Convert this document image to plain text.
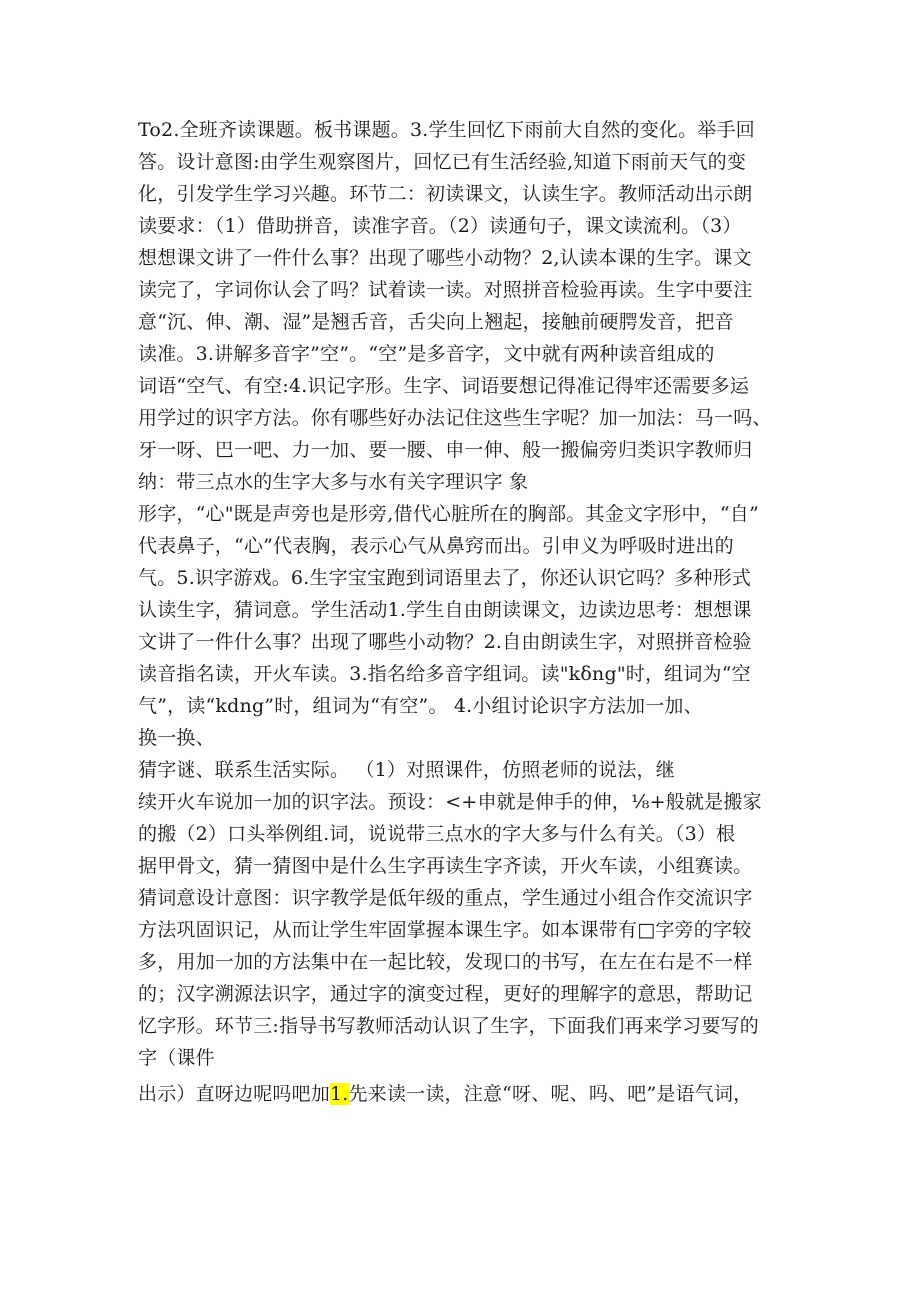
To2.全班齐读课题。板书课题。3.学生回忆下雨前大自然的变化。举手回
答。设计意图:由学生观察图片，回忆已有生活经验,知道下雨前天气的变
化，引发学生学习兴趣。环节二：初读课文，认读生字。教师活动出示朗
读要求：（1）借助拼音，读准字音。（2）读通句子，课文读流利。（3）
想想课文讲了一件什么事？出现了哪些小动物？2,认读本课的生字。课文
读完了，字词你认会了吗？试着读一读。对照拼音检验再读。生字中要注
意“沉、伸、潮、湿”是翘舌音，舌尖向上翘起，接触前硬腭发音，把音
读准。3.讲解多音字”空”。“空”是多音字，文中就有两种读音组成的
词语“空气、有空:4.识记字形。生字、词语要想记得准记得牢还需要多运
用学过的识字方法。你有哪些好办法记住这些生字呢？加一加法：马一吗、
牙一呀、巴一吧、力一加、要一腰、申一伸、般一搬偏旁归类识字教师归
纳：带三点水的生字大多与水有关字理识字 象
形字，“心"既是声旁也是形旁,借代心脏所在的胸部。其金文字形中，“自”
代表鼻子，“心”代表胸，表示心气从鼻窍而出。引申义为呼吸时进出的
气。5.识字游戏。6.生字宝宝跑到词语里去了，你还认识它吗？多种形式
认读生字，猜词意。学生活动1.学生自由朗读课文，边读边思考：想想课
文讲了一件什么事？出现了哪些小动物？2.自由朗读生字，对照拼音检验
读音指名读，开火车读。3.指名给多音字组词。读"kδng"时，组词为“空
气”，读“kdng”时，组词为“有空”。 4.小组讨论识字方法加一加、
换一换、
猜字谜、联系生活实际。 （1）对照课件，仿照老师的说法，继
续开火车说加一加的识字法。预设：<+申就是伸手的伸，⅛+般就是搬家
的搬（2）口头举例组.词，说说带三点水的字大多与什么有关。（3）根
据甲骨文，猜一猜图中是什么生字再读生字齐读，开火车读，小组赛读。
猜词意设计意图：识字教学是低年级的重点，学生通过小组合作交流识字
方法巩固识记，从而让学生牢固掌握本课生字。如本课带有□字旁的字较
多，用加一加的方法集中在一起比较，发现口的书写，在左在右是不一样
的；汉字溯源法识字，通过字的演变过程，更好的理解字的意思，帮助记
忆字形。环节三:指导书写教师活动认识了生字，下面我们再来学习要写的
字（课件
出示）直呀边呢吗吧加1.先来读一读，注意“呀、呢、吗、吧”是语气词，
